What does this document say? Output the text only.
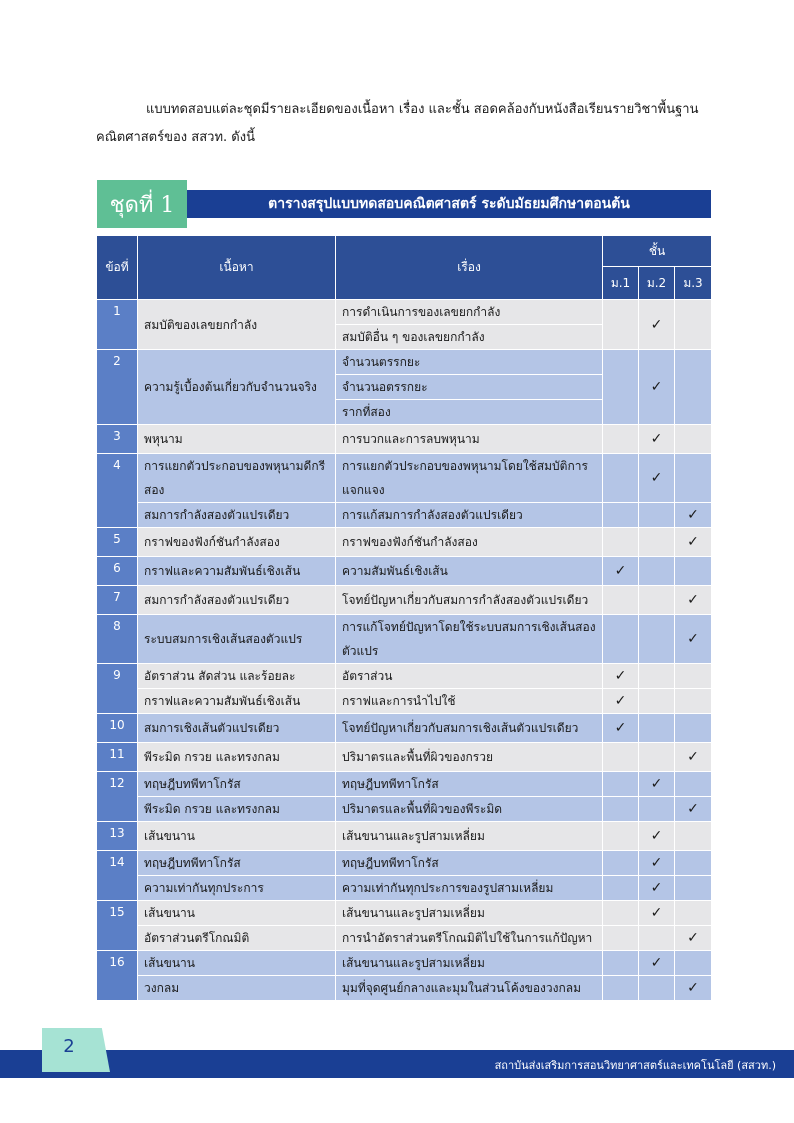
แบบทดสอบแต่ละชุดมีรายละเอียดของเนื้อหา เรื่อง และชั้น สอดคล้องกับหนังสือเรียนรายวิชาพื้นฐาน
คณิตศาสตร์ของ สสวท. ดังนี้
ชุดที่ 1	ตารางสรุปแบบทดสอบคณิตศาสตร์ ระดับมัธยมศึกษาตอนต้น
ข้อที่	เนื้อหา	เรื่อง	ชั้น		
			ม.1	ม.2	ม.3
1	สมบัติของเลขยกกำลัง	การดำเนินการของเลขยกกำลัง		✓	
		สมบัติอื่น ๆ ของเลขยกกำลัง			
2	ความรู้เบื้องต้นเกี่ยวกับจำนวนจริง	จำนวนตรรกยะ		✓	
		จำนวนอตรรกยะ			
		รากที่สอง			
3	พหุนาม	การบวกและการลบพหุนาม		✓	
4	การแยกตัวประกอบของพหุนามดีกรีสอง	การแยกตัวประกอบของพหุนามโดยใช้สมบัติการแจกแจง		✓	
	สมการกำลังสองตัวแปรเดียว	การแก้สมการกำลังสองตัวแปรเดียว			✓
5	กราฟของฟังก์ชันกำลังสอง	กราฟของฟังก์ชันกำลังสอง			✓
6	กราฟและความสัมพันธ์เชิงเส้น	ความสัมพันธ์เชิงเส้น	✓		
7	สมการกำลังสองตัวแปรเดียว	โจทย์ปัญหาเกี่ยวกับสมการกำลังสองตัวแปรเดียว			✓
8	ระบบสมการเชิงเส้นสองตัวแปร	การแก้โจทย์ปัญหาโดยใช้ระบบสมการเชิงเส้นสองตัวแปร			✓
9	อัตราส่วน สัดส่วน และร้อยละ	อัตราส่วน	✓		
	กราฟและความสัมพันธ์เชิงเส้น	กราฟและการนำไปใช้	✓		
10	สมการเชิงเส้นตัวแปรเดียว	โจทย์ปัญหาเกี่ยวกับสมการเชิงเส้นตัวแปรเดียว	✓		
11	พีระมิด กรวย และทรงกลม	ปริมาตรและพื้นที่ผิวของกรวย			✓
12	ทฤษฎีบทพีทาโกรัส	ทฤษฎีบทพีทาโกรัส		✓	
	พีระมิด กรวย และทรงกลม	ปริมาตรและพื้นที่ผิวของพีระมิด			✓
13	เส้นขนาน	เส้นขนานและรูปสามเหลี่ยม		✓	
14	ทฤษฎีบทพีทาโกรัส	ทฤษฎีบทพีทาโกรัส		✓	
	ความเท่ากันทุกประการ	ความเท่ากันทุกประการของรูปสามเหลี่ยม		✓	
15	เส้นขนาน	เส้นขนานและรูปสามเหลี่ยม		✓	
	อัตราส่วนตรีโกณมิติ	การนำอัตราส่วนตรีโกณมิติไปใช้ในการแก้ปัญหา			✓
16	เส้นขนาน	เส้นขนานและรูปสามเหลี่ยม		✓	
	วงกลม	มุมที่จุดศูนย์กลางและมุมในส่วนโค้งของวงกลม			✓
สถาบันส่งเสริมการสอนวิทยาศาสตร์และเทคโนโลยี (สสวท.)
2
